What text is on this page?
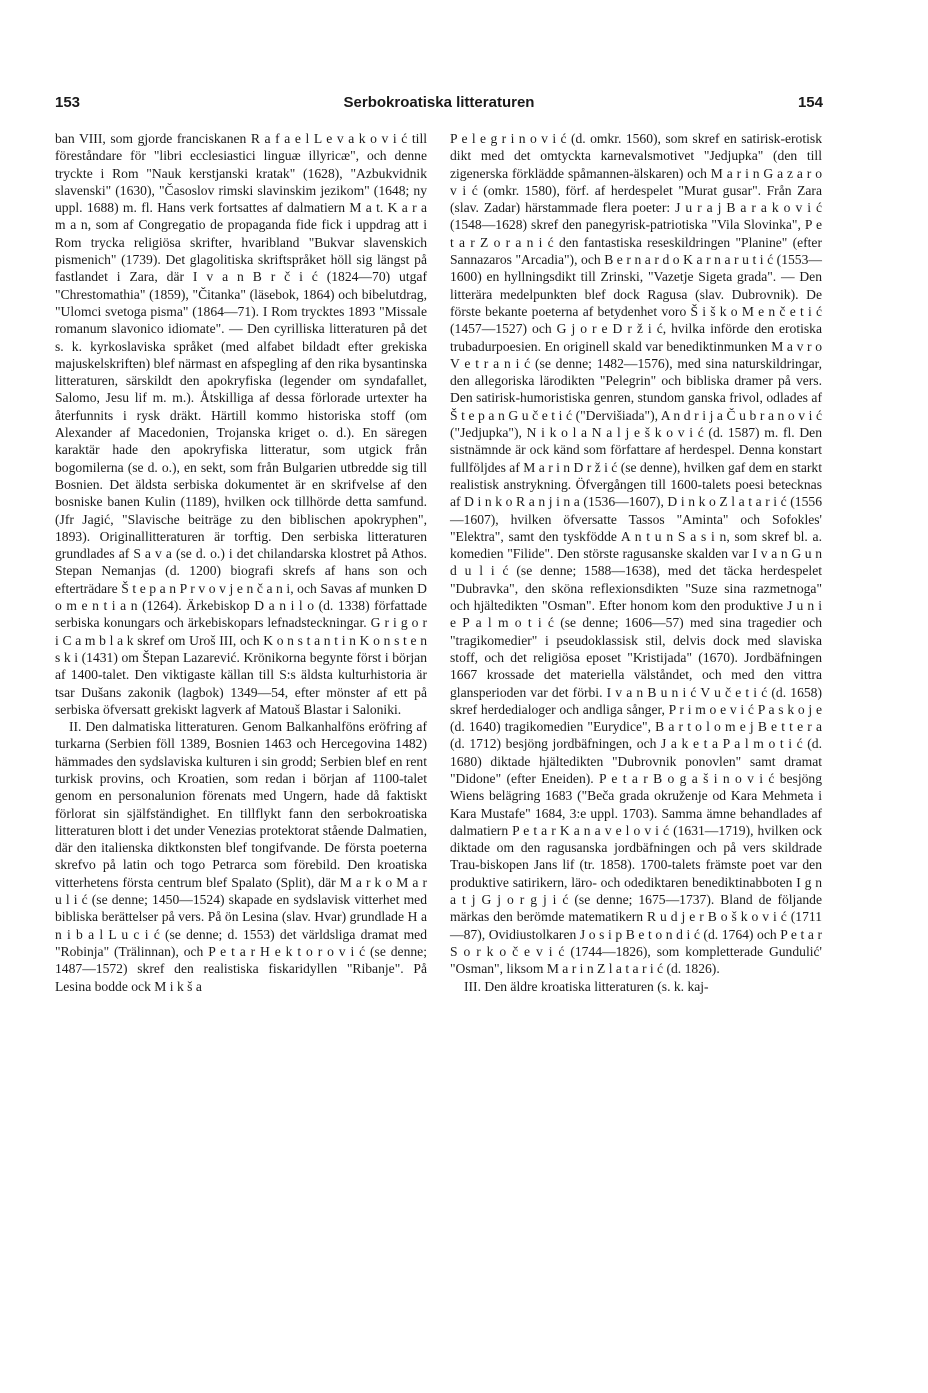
153	Serbokroatiska litteraturen	154

ban VIII, som gjorde franciskanen R a f a e l L e v a k o v i ć till föreståndare för "libri ecclesiastici linguæ illyricæ", och denne tryckte i Rom "Nauk kerstjanski kratak" (1628), "Azbukvidnik slavenski" (1630), "Časoslov rimski slavinskim jezikom" (1648; ny uppl. 1688) m. fl. Hans verk fortsattes af dalmatiern M a t. K a r a m a n, som af Congregatio de propaganda fide fick i uppdrag att i Rom trycka religiösa skrifter, hvaribland "Bukvar slavenskich pismenich" (1739). Det glagolitiska skriftspråket höll sig längst på fastlandet i Zara, där I v a n B r č i ć (1824—70) utgaf "Chrestomathia" (1859), "Čitanka" (läsebok, 1864) och bibelutdrag, "Ulomci svetoga pisma" (1864—71). I Rom trycktes 1893 "Missale romanum slavonico idiomate". — Den cyrilliska litteraturen på det s. k. kyrkoslaviska språket (med alfabet bildadt efter grekiska majuskelskriften) blef närmast en afspegling af den rika bysantinska litteraturen, särskildt den apokryfiska (legender om syndafallet, Salomo, Jesu lif m. m.). Åtskilliga af dessa förlorade urtexter ha återfunnits i rysk dräkt. Härtill kommo historiska stoff (om Alexander af Macedonien, Trojanska kriget o. d.). En säregen karaktär hade den apokryfiska litteratur, som utgick från bogomilerna (se d. o.), en sekt, som från Bulgarien utbredde sig till Bosnien. Det äldsta serbiska dokumentet är en skrifvelse af den bosniske banen Kulin (1189), hvilken ock tillhörde detta samfund. (Jfr Jagić, "Slavische beiträge zu den biblischen apokryphen", 1893). Originallitteraturen är torftig. Den serbiska litteraturen grundlades af S a v a (se d. o.) i det chilandarska klostret på Athos. Stepan Nemanjas (d. 1200) biografi skrefs af hans son och efterträdare Š t e p a n P r v o v j e n č a n i, och Savas af munken D o m e n t i a n (1264). Ärkebiskop D a n i l o (d. 1338) författade serbiska konungars och ärkebiskopars lefnadsteckningar. G r i g o r i C a m b l a k skref om Uroš III, och K o n s t a n t i n K o n s t e n s k i (1431) om Štepan Lazarević. Krönikorna begynte först i början af 1400-talet. Den viktigaste källan till S:s äldsta kulturhistoria är tsar Dušans zakonik (lagbok) 1349—54, efter mönster af ett på serbiska öfversatt grekiskt lagverk af Matouš Blastar i Saloniki.

II. Den dalmatiska litteraturen. Genom Balkanhalföns eröfring af turkarna (Serbien föll 1389, Bosnien 1463 och Hercegovina 1482) hämmades den sydslaviska kulturen i sin grodd; Serbien blef en rent turkisk provins, och Kroatien, som redan i början af 1100-talet genom en personalunion förenats med Ungern, hade då faktiskt förlorat sin själfständighet. En tillflykt fann den serbokroatiska litteraturen blott i det under Venezias protektorat stående Dalmatien, där den italienska diktkonsten blef tongifvande. De första poeterna skrefvo på latin och togo Petrarca som förebild. Den kroatiska vitterhetens första centrum blef Spalato (Split), där M a r k o M a r u l i ć (se denne; 1450—1524) skapade en sydslavisk vitterhet med bibliska berättelser på vers. På ön Lesina (slav. Hvar) grundlade H a n i b a l L u c i ć (se denne; d. 1553) det världsliga dramat med "Robinja" (Trälinnan), och P e t a r H e k t o r o v i ć (se denne; 1487—1572) skref den realistiska fiskaridyllen "Ribanje". På Lesina bodde ock M i k š a

P e l e g r i n o v i ć (d. omkr. 1560), som skref en satirisk-erotisk dikt med det omtyckta karnevalsmotivet "Jedjupka" (den till zigenerska förklädde spåmannen-älskaren) och M a r i n G a z a r o v i ć (omkr. 1580), förf. af herdespelet "Murat gusar". Från Zara (slav. Zadar) härstammade flera poeter: J u r a j B a r a k o v i ć (1548—1628) skref den panegyrisk-patriotiska "Vila Slovinka", P e t a r Z o r a n i ć den fantastiska reseskildringen "Planine" (efter Sannazaros "Arcadia"), och B e r n a r d o K a r n a r u t i ć (1553—1600) en hyllningsdikt till Zrinski, "Vazetje Sigeta grada". — Den litterära medelpunkten blef dock Ragusa (slav. Dubrovnik). De förste bekante poeterna af betydenhet voro Š i š k o M e n č e t i ć (1457—1527) och G j o r e D r ž i ć, hvilka införde den erotiska trubadurpoesien. En originell skald var benediktinmunken M a v r o V e t r a n i ć (se denne; 1482—1576), med sina naturskildringar, den allegoriska lärodikten "Pelegrin" och bibliska dramer på vers. Den satirisk-humoristiska genren, stundom ganska frivol, odlades af Š t e p a n G u č e t i ć ("Dervišiada"), A n d r i j a Č u b r a n o v i ć ("Jedjupka"), N i k o l a N a l j e š k o v i ć (d. 1587) m. fl. Den sistnämnde är ock känd som författare af herdespel. Denna konstart fullföljdes af M a r i n D r ž i ć (se denne), hvilken gaf dem en starkt realistisk anstrykning. Öfvergången till 1600-talets poesi betecknas af D i n k o R a n j i n a (1536—1607), D i n k o Z l a t a r i ć (1556—1607), hvilken öfversatte Tassos "Aminta" och Sofokles' "Elektra", samt den tyskfödde A n t u n S a s i n, som skref bl. a. komedien "Filide". Den störste ragusanske skalden var I v a n G u n d u l i ć (se denne; 1588—1638), med det täcka herdespelet "Dubravka", den sköna reflexionsdikten "Suze sina razmetnoga" och hjältedikten "Osman". Efter honom kom den produktive J u n i e P a l m o t i ć (se denne; 1606—57) med sina tragedier och "tragikomedier" i pseudoklassisk stil, delvis dock med slaviska stoff, och det religiösa eposet "Kristijada" (1670). Jordbäfningen 1667 krossade det materiella välståndet, och med den vittra glansperioden var det förbi. I v a n B u n i ć V u č e t i ć (d. 1658) skref herdedialoger och andliga sånger, P r i m o e v i ć P a s k o j e (d. 1640) tragikomedien "Eurydice", B a r t o l o m e j B e t t e r a (d. 1712) besjöng jordbäfningen, och J a k e t a P a l m o t i ć (d. 1680) diktade hjältedikten "Dubrovnik ponovlen" samt dramat "Didone" (efter Eneiden). P e t a r B o g a š i n o v i ć besjöng Wiens belägring 1683 ("Beča grada okruženje od Kara Mehmeta i Kara Mustafe" 1684, 3:e uppl. 1703). Samma ämne behandlades af dalmatiern P e t a r K a n a v e l o v i ć (1631—1719), hvilken ock diktade om den ragusanska jordbäfningen och på vers skildrade Trau-biskopen Jans lif (tr. 1858). 1700-talets främste poet var den produktive satirikern, läro- och odediktaren benediktinabboten I g n a t j G j o r g j i ć (se denne; 1675—1737). Bland de följande märkas den berömde matematikern R u d j e r B o š k o v i ć (1711—87), Ovidiustolkaren J o s i p B e t o n d i ć (d. 1764) och P e t a r S o r k o č e v i ć (1744—1826), som kompletterade Gundulić' "Osman", liksom M a r i n Z l a t a r i ć (d. 1826).

III. Den äldre kroatiska litteraturen (s. k. kaj-
